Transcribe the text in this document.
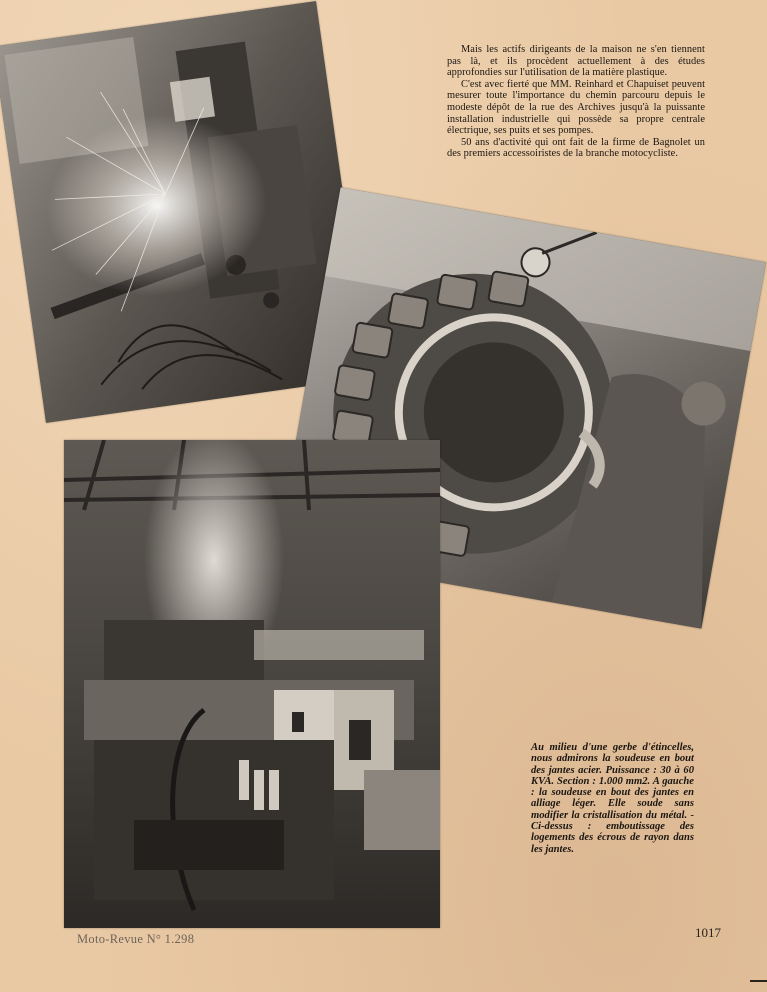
Mais les actifs dirigeants de la maison ne s'en tiennent pas là, et ils procèdent actuellement à des études approfondies sur l'utilisation de la matière plastique.

C'est avec fierté que MM. Reinhard et Chapuiset peuvent mesurer toute l'importance du chemin parcouru depuis le modeste dépôt de la rue des Archives jusqu'à la puissante installation industrielle qui possède sa propre centrale électrique, ses puits et ses pompes.

50 ans d'activité qui ont fait de la firme de Bagnolet un des premiers accessoiristes de la branche motocycliste.

Au milieu d'une gerbe d'étincelles, nous admirons la soudeuse en bout des jantes acier. Puissance : 30 à 60 KVA. Section : 1.000 mm2. A gauche : la soudeuse en bout des jantes en alliage léger. Elle soude sans modifier la cristallisation du métal. - Ci-dessus : emboutissage des logements des écrous de rayon dans les jantes.
Moto-Revue N° 1.298	1017
